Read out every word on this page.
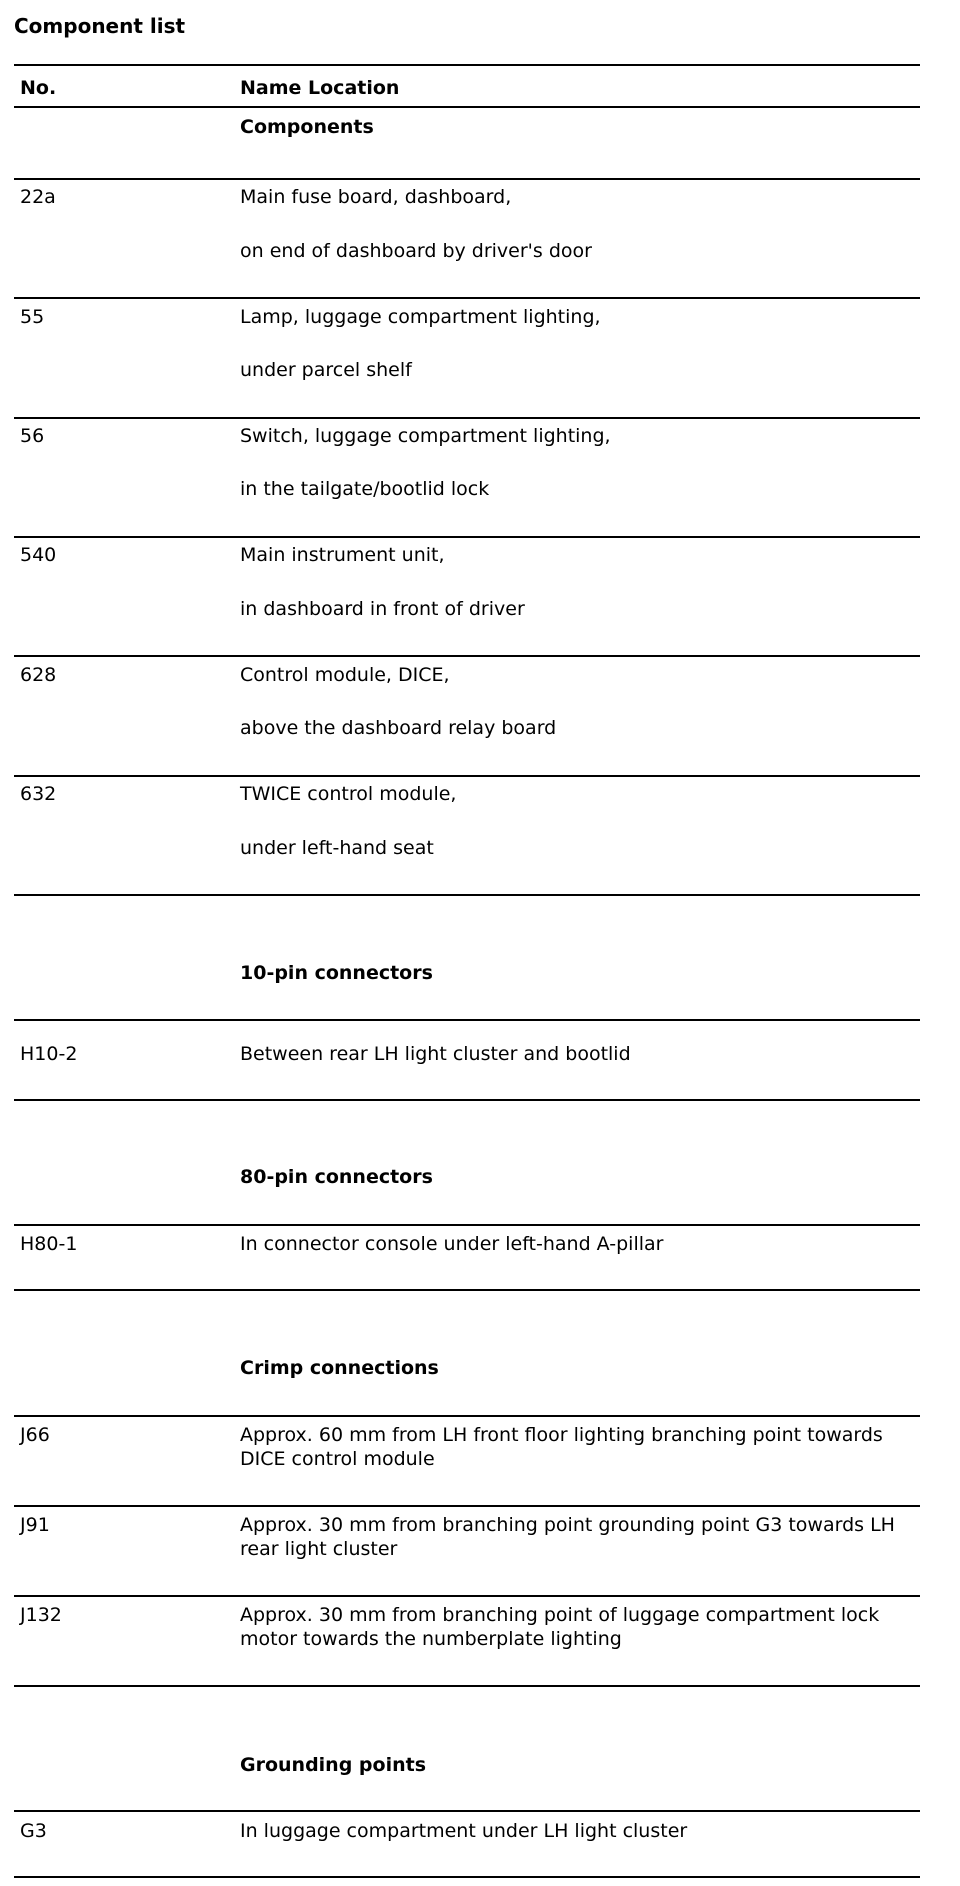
Component list
No.	Name Location
Components
22a	Main fuse board, dashboard,
on end of dashboard by driver's door
55	Lamp, luggage compartment lighting,
under parcel shelf
56	Switch, luggage compartment lighting,
in the tailgate/bootlid lock
540	Main instrument unit,
in dashboard in front of driver
628	Control module, DICE,
above the dashboard relay board
632	TWICE control module,
under left-hand seat
10-pin connectors
H10-2	Between rear LH light cluster and bootlid
80-pin connectors
H80-1	In connector console under left-hand A-pillar
Crimp connections
J66	Approx. 60 mm from LH front floor lighting branching point towards DICE control module
J91	Approx. 30 mm from branching point grounding point G3 towards LH rear light cluster
J132	Approx. 30 mm from branching point of luggage compartment lock motor towards the numberplate lighting
Grounding points
G3	In luggage compartment under LH light cluster
